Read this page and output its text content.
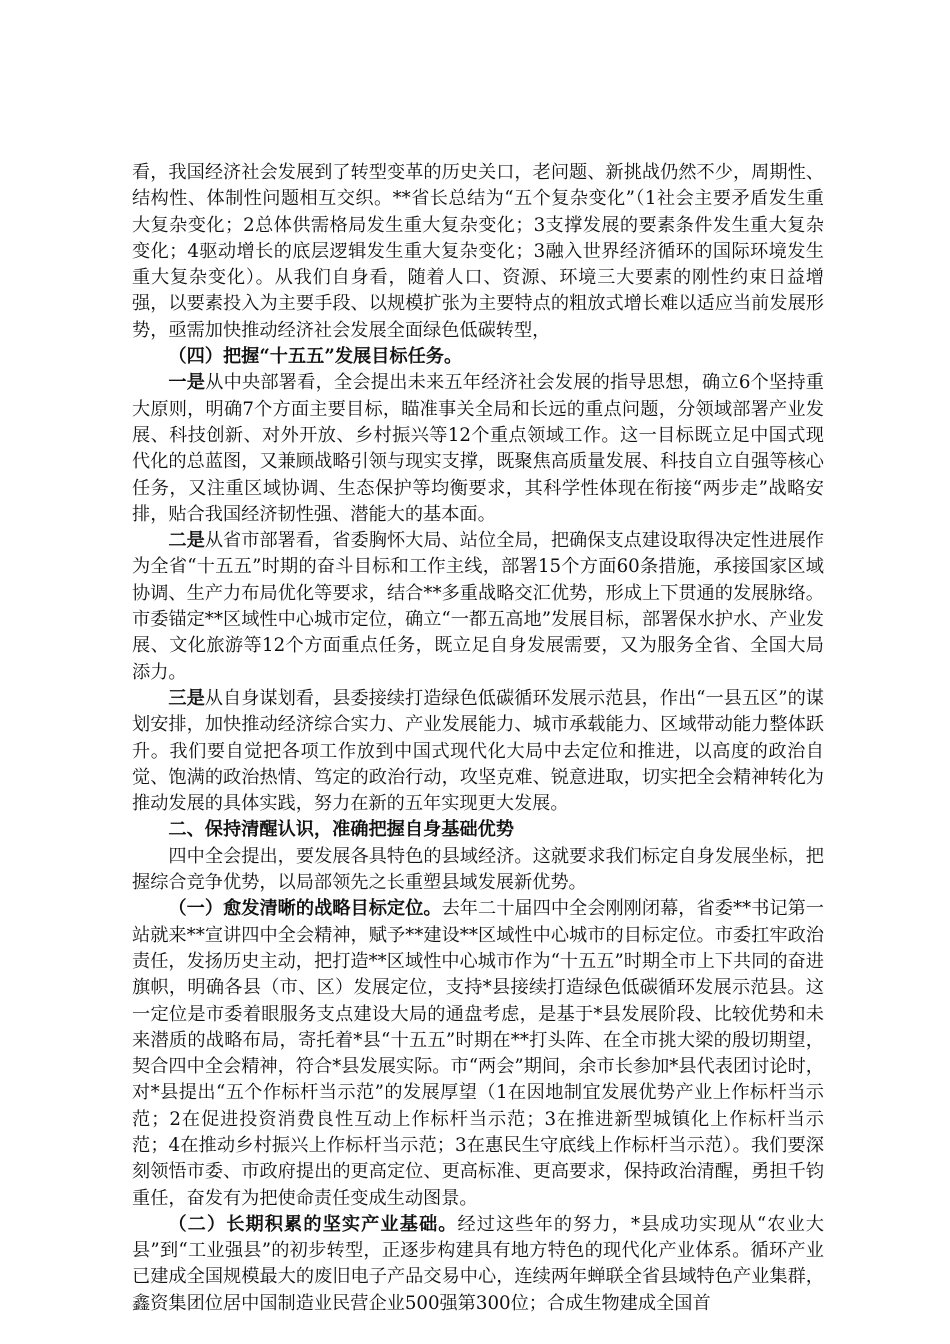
看，我国经济社会发展到了转型变革的历史关口，老问题、新挑战仍然不少，周期性、结构性、体制性问题相互交织。**省长总结为“五个复杂变化”（1社会主要矛盾发生重大复杂变化；2总体供需格局发生重大复杂变化；3支撑发展的要素条件发生重大复杂变化；4驱动增长的底层逻辑发生重大复杂变化；3融入世界经济循环的国际环境发生重大复杂变化）。从我们自身看，随着人口、资源、环境三大要素的刚性约束日益增强，以要素投入为主要手段、以规模扩张为主要特点的粗放式增长难以适应当前发展形势，亟需加快推动经济社会发展全面绿色低碳转型，

（四）把握“十五五”发展目标任务。

一是从中央部署看，全会提出未来五年经济社会发展的指导思想，确立6个坚持重大原则，明确7个方面主要目标，瞄准事关全局和长远的重点问题，分领域部署产业发展、科技创新、对外开放、乡村振兴等12个重点领域工作。这一目标既立足中国式现代化的总蓝图，又兼顾战略引领与现实支撑，既聚焦高质量发展、科技自立自强等核心任务，又注重区域协调、生态保护等均衡要求，其科学性体现在衔接“两步走”战略安排，贴合我国经济韧性强、潜能大的基本面。

二是从省市部署看，省委胸怀大局、站位全局，把确保支点建设取得决定性进展作为全省“十五五”时期的奋斗目标和工作主线，部署15个方面60条措施，承接国家区域协调、生产力布局优化等要求，结合**多重战略交汇优势，形成上下贯通的发展脉络。市委锚定**区域性中心城市定位，确立“一都五高地”发展目标，部署保水护水、产业发展、文化旅游等12个方面重点任务，既立足自身发展需要，又为服务全省、全国大局添力。

三是从自身谋划看，县委接续打造绿色低碳循环发展示范县，作出“一县五区”的谋划安排，加快推动经济综合实力、产业发展能力、城市承载能力、区域带动能力整体跃升。我们要自觉把各项工作放到中国式现代化大局中去定位和推进，以高度的政治自觉、饱满的政治热情、笃定的政治行动，攻坚克难、锐意进取，切实把全会精神转化为推动发展的具体实践，努力在新的五年实现更大发展。

二、保持清醒认识，准确把握自身基础优势

四中全会提出，要发展各具特色的县域经济。这就要求我们标定自身发展坐标，把握综合竞争优势，以局部领先之长重塑县域发展新优势。

（一）愈发清晰的战略目标定位。去年二十届四中全会刚刚闭幕，省委**书记第一站就来**宣讲四中全会精神，赋予**建设**区域性中心城市的目标定位。市委扛牢政治责任，发扬历史主动，把打造**区域性中心城市作为“十五五”时期全市上下共同的奋进旗帜，明确各县（市、区）发展定位，支持*县接续打造绿色低碳循环发展示范县。这一定位是市委着眼服务支点建设大局的通盘考虑，是基于*县发展阶段、比较优势和未来潜质的战略布局，寄托着*县“十五五”时期在**打头阵、在全市挑大梁的殷切期望，契合四中全会精神，符合*县发展实际。市“两会”期间，余市长参加*县代表团讨论时，对*县提出“五个作标杆当示范”的发展厚望（1在因地制宜发展优势产业上作标杆当示范；2在促进投资消费良性互动上作标杆当示范；3在推进新型城镇化上作标杆当示范；4在推动乡村振兴上作标杆当示范；3在惠民生守底线上作标杆当示范）。我们要深刻领悟市委、市政府提出的更高定位、更高标准、更高要求，保持政治清醒，勇担千钧重任，奋发有为把使命责任变成生动图景。

（二）长期积累的坚实产业基础。经过这些年的努力，*县成功实现从“农业大县”到“工业强县”的初步转型，正逐步构建具有地方特色的现代化产业体系。循环产业已建成全国规模最大的废旧电子产品交易中心，连续两年蝉联全省县域特色产业集群，鑫资集团位居中国制造业民营企业500强第300位；合成生物建成全国首
